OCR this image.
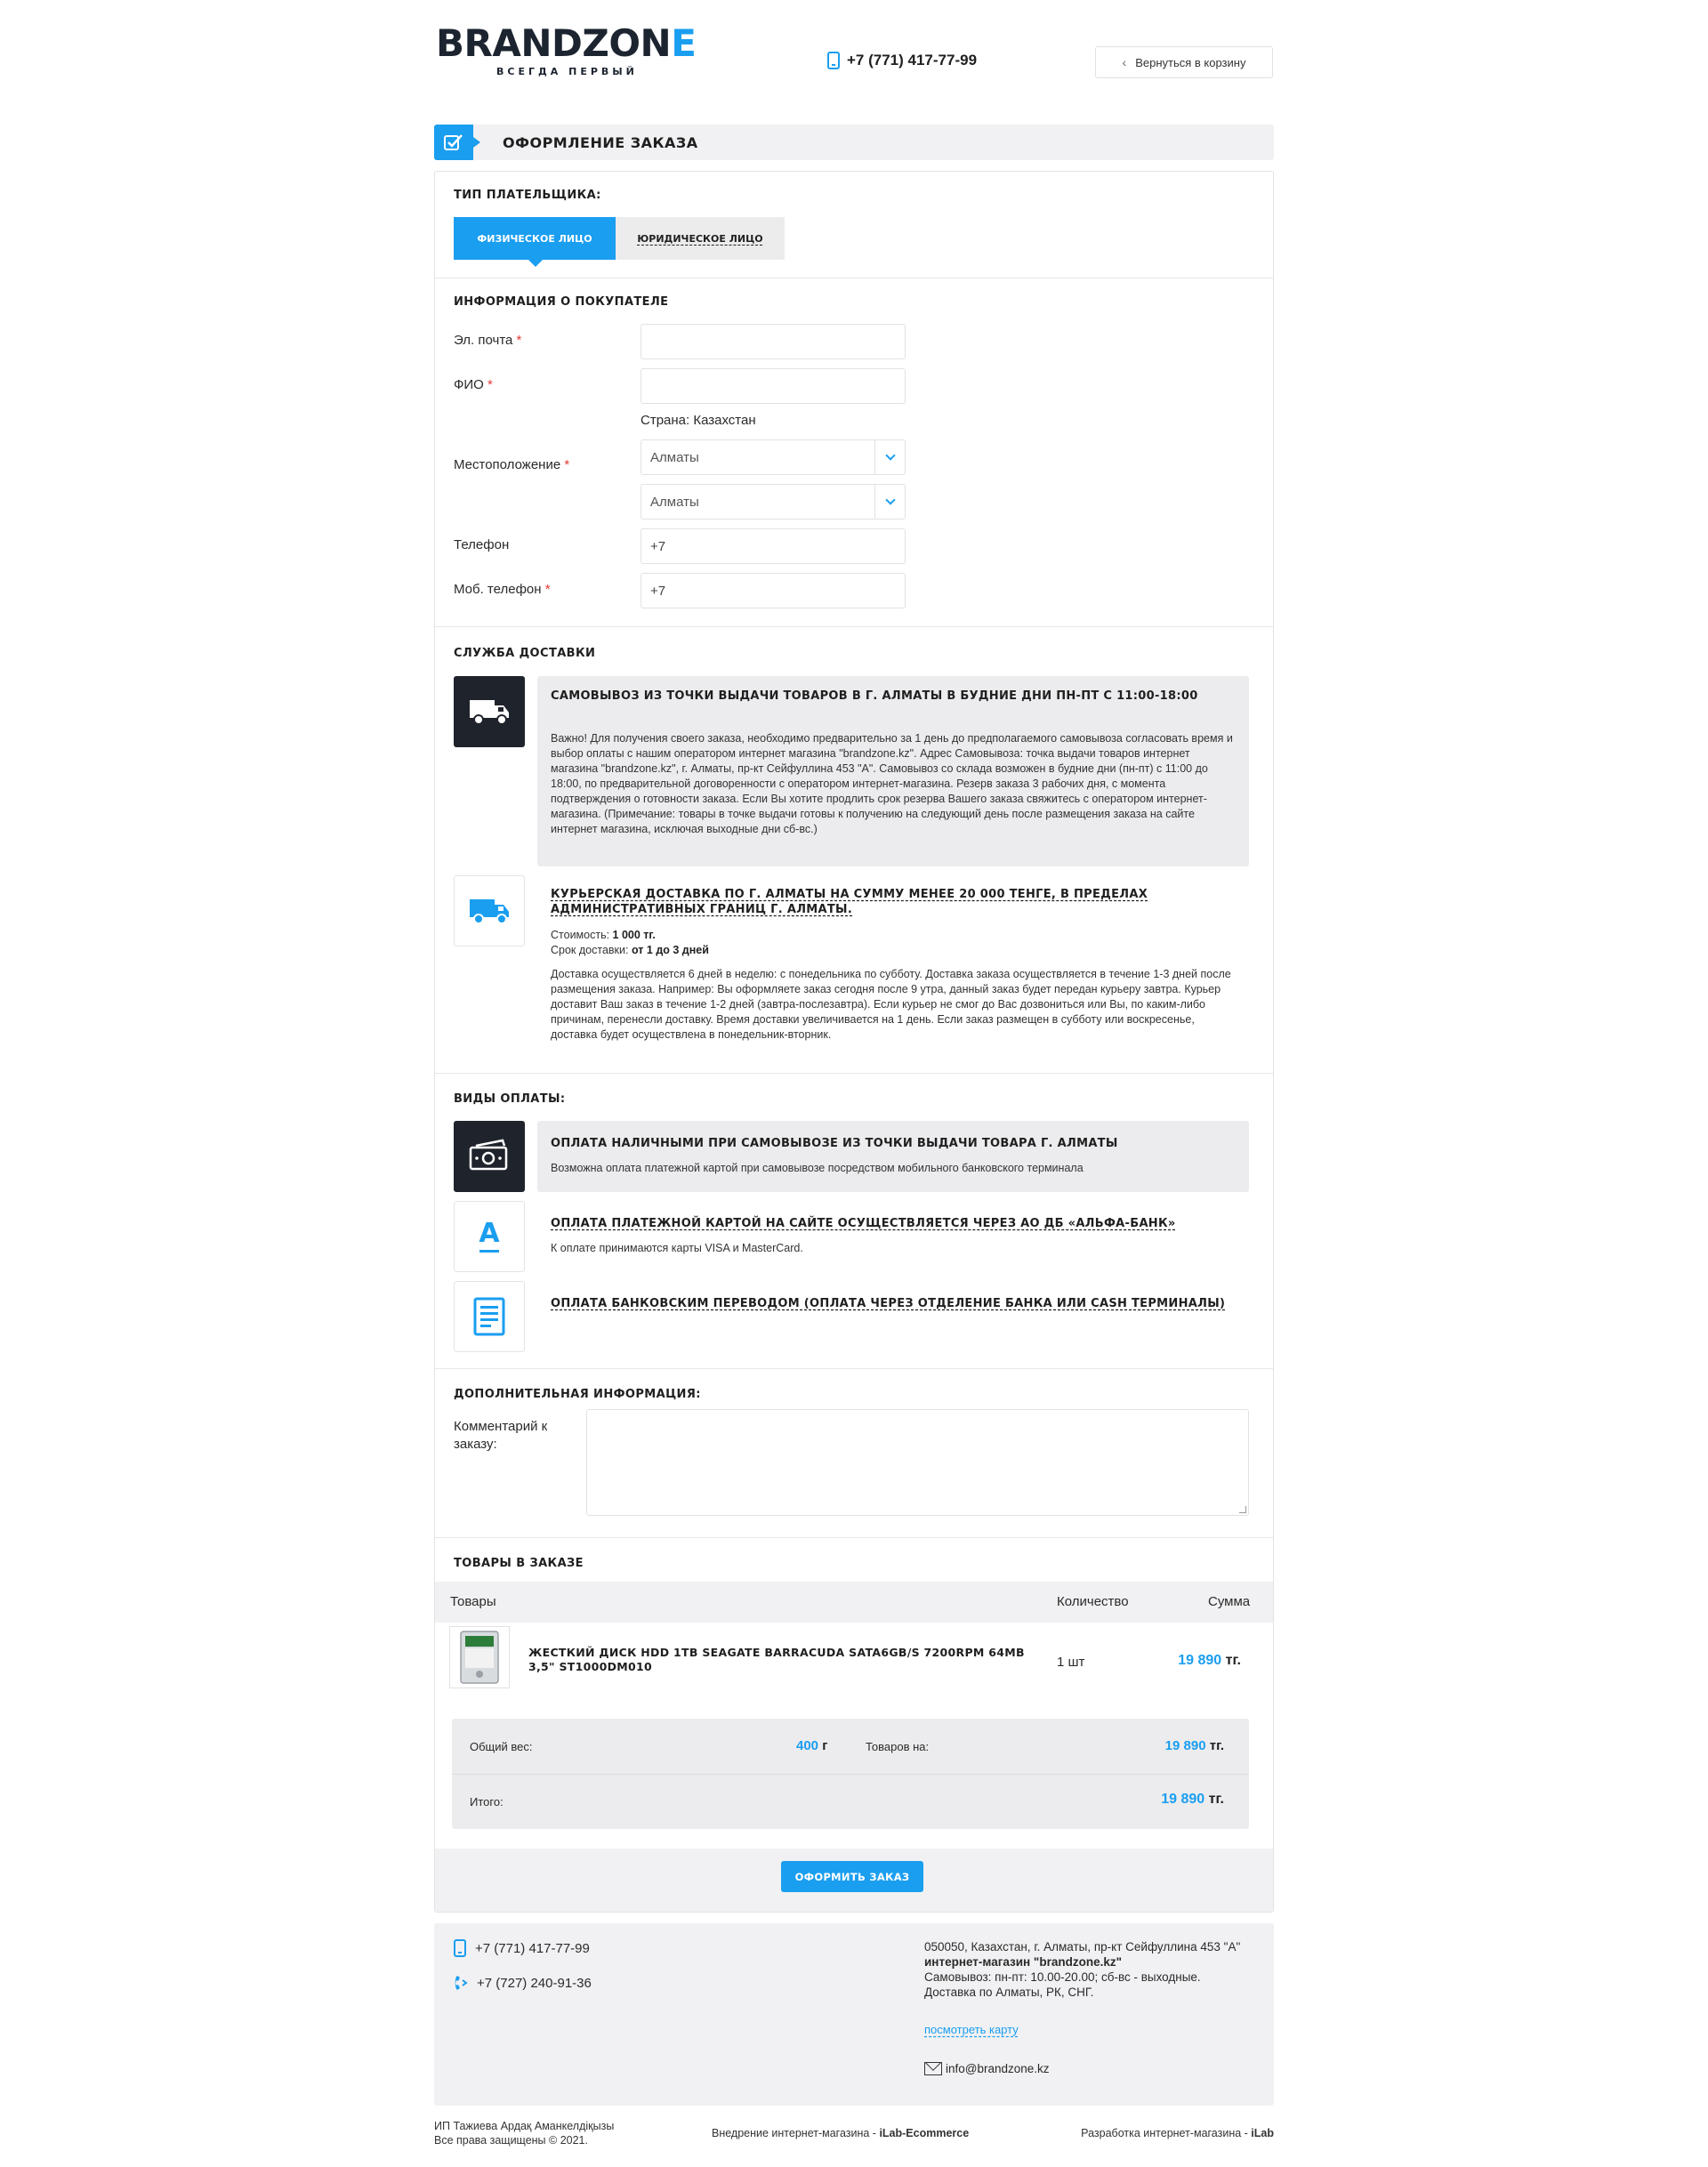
BRANDZONE
ВСЕГДА ПЕРВЫЙ
+7 (771) 417-77-99	‹ Вернуться в корзину
ОФОРМЛЕНИЕ ЗАКАЗА
ТИП ПЛАТЕЛЬЩИКА:
ФИЗИЧЕСКОЕ ЛИЦО	ЮРИДИЧЕСКОЕ ЛИЦО
ИНФОРМАЦИЯ О ПОКУПАТЕЛЕ
Эл. почта *
ФИО *
Страна: Казахстан
Местоположение *	Алматы
Алматы
Телефон	+7
Моб. телефон *	+7
СЛУЖБА ДОСТАВКИ
САМОВЫВОЗ ИЗ ТОЧКИ ВЫДАЧИ ТОВАРОВ В Г. АЛМАТЫ В БУДНИЕ ДНИ ПН-ПТ С 11:00-18:00
Важно! Для получения своего заказа, необходимо предварительно за 1 день до предполагаемого самовывоза согласовать время и выбор оплаты с нашим оператором интернет магазина "brandzone.kz". Адрес Самовывоза: точка выдачи товаров интернет магазина "brandzone.kz", г. Алматы, пр-кт Сейфуллина 453 "А". Самовывоз со склада возможен в будние дни (пн-пт) с 11:00 до 18:00, по предварительной договоренности с оператором интернет-магазина. Резерв заказа 3 рабочих дня, с момента подтверждения о готовности заказа. Если Вы хотите продлить срок резерва Вашего заказа свяжитесь с оператором интернет-магазина. (Примечание: товары в точке выдачи готовы к получению на следующий день после размещения заказа на сайте интернет магазина, исключая выходные дни сб-вс.)
КУРЬЕРСКАЯ ДОСТАВКА ПО Г. АЛМАТЫ НА СУММУ МЕНЕЕ 20 000 ТЕНГЕ, В ПРЕДЕЛАХ АДМИНИСТРАТИВНЫХ ГРАНИЦ Г. АЛМАТЫ.
Стоимость: 1 000 тг.
Срок доставки: от 1 до 3 дней
Доставка осуществляется 6 дней в неделю: с понедельника по субботу. Доставка заказа осуществляется в течение 1-3 дней после размещения заказа. Например: Вы оформляете заказ сегодня после 9 утра, данный заказ будет передан курьеру завтра. Курьер доставит Ваш заказ в течение 1-2 дней (завтра-послезавтра). Если курьер не смог до Вас дозвониться или Вы, по каким-либо причинам, перенесли доставку. Время доставки увеличивается на 1 день. Если заказ размещен в субботу или воскресенье, доставка будет осуществлена в понедельник-вторник.
ВИДЫ ОПЛАТЫ:
ОПЛАТА НАЛИЧНЫМИ ПРИ САМОВЫВОЗЕ ИЗ ТОЧКИ ВЫДАЧИ ТОВАРА Г. АЛМАТЫ
Возможна оплата платежной картой при самовывозе посредством мобильного банковского терминала
А	ОПЛАТА ПЛАТЕЖНОЙ КАРТОЙ НА САЙТЕ ОСУЩЕСТВЛЯЕТСЯ ЧЕРЕЗ АО ДБ «АЛЬФА-БАНК»
К оплате принимаются карты VISA и MasterCard.
ОПЛАТА БАНКОВСКИМ ПЕРЕВОДОМ (ОПЛАТА ЧЕРЕЗ ОТДЕЛЕНИЕ БАНКА ИЛИ CASH ТЕРМИНАЛЫ)
ДОПОЛНИТЕЛЬНАЯ ИНФОРМАЦИЯ:
Комментарий к заказу:
ТОВАРЫ В ЗАКАЗЕ
Товары	Количество	Сумма
ЖЕСТКИЙ ДИСК HDD 1TB SEAGATE BARRACUDA SATA6GB/S 7200RPM 64MB 3,5" ST1000DM010	1 шт	19 890 тг.
Общий вес:	400 г	Товаров на:	19 890 тг.
Итого:	19 890 тг.
ОФОРМИТЬ ЗАКАЗ
+7 (771) 417-77-99
+7 (727) 240-91-36
050050, Казахстан, г. Алматы, пр-кт Сейфуллина 453 "А"
интернет-магазин "brandzone.kz"
Самовывоз: пн-пт: 10.00-20.00; сб-вс - выходные.
Доставка по Алматы, РК, СНГ.
посмотреть карту
info@brandzone.kz
ИП Тажиева Ардақ Аманкелдіқызы
Все права защищены © 2021.
Внедрение интернет-магазина - iLab-Ecommerce	Разработка интернет-магазина - iLab
